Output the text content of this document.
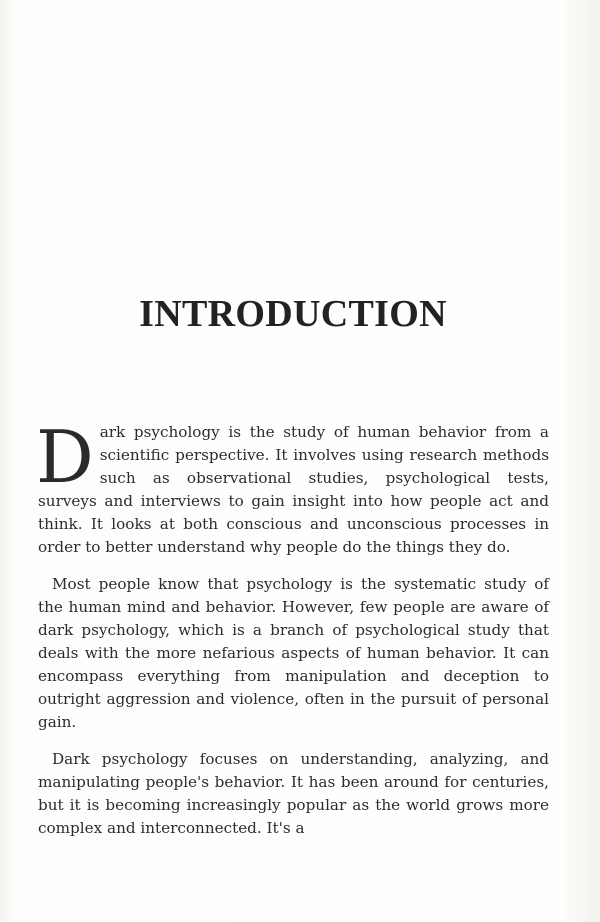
INTRODUCTION

Dark psychology is the study of human behavior from a scientific perspective. It involves using research methods such as observational studies, psychological tests, surveys and interviews to gain insight into how people act and think. It looks at both conscious and unconscious processes in order to better understand why people do the things they do.

Most people know that psychology is the systematic study of the human mind and behavior. However, few people are aware of dark psychology, which is a branch of psychological study that deals with the more nefarious aspects of human behavior. It can encompass everything from manipulation and deception to outright aggression and violence, often in the pursuit of personal gain.

Dark psychology focuses on understanding, analyzing, and manipulating people's behavior. It has been around for centuries, but it is becoming increasingly popular as the world grows more complex and interconnected. It's a
